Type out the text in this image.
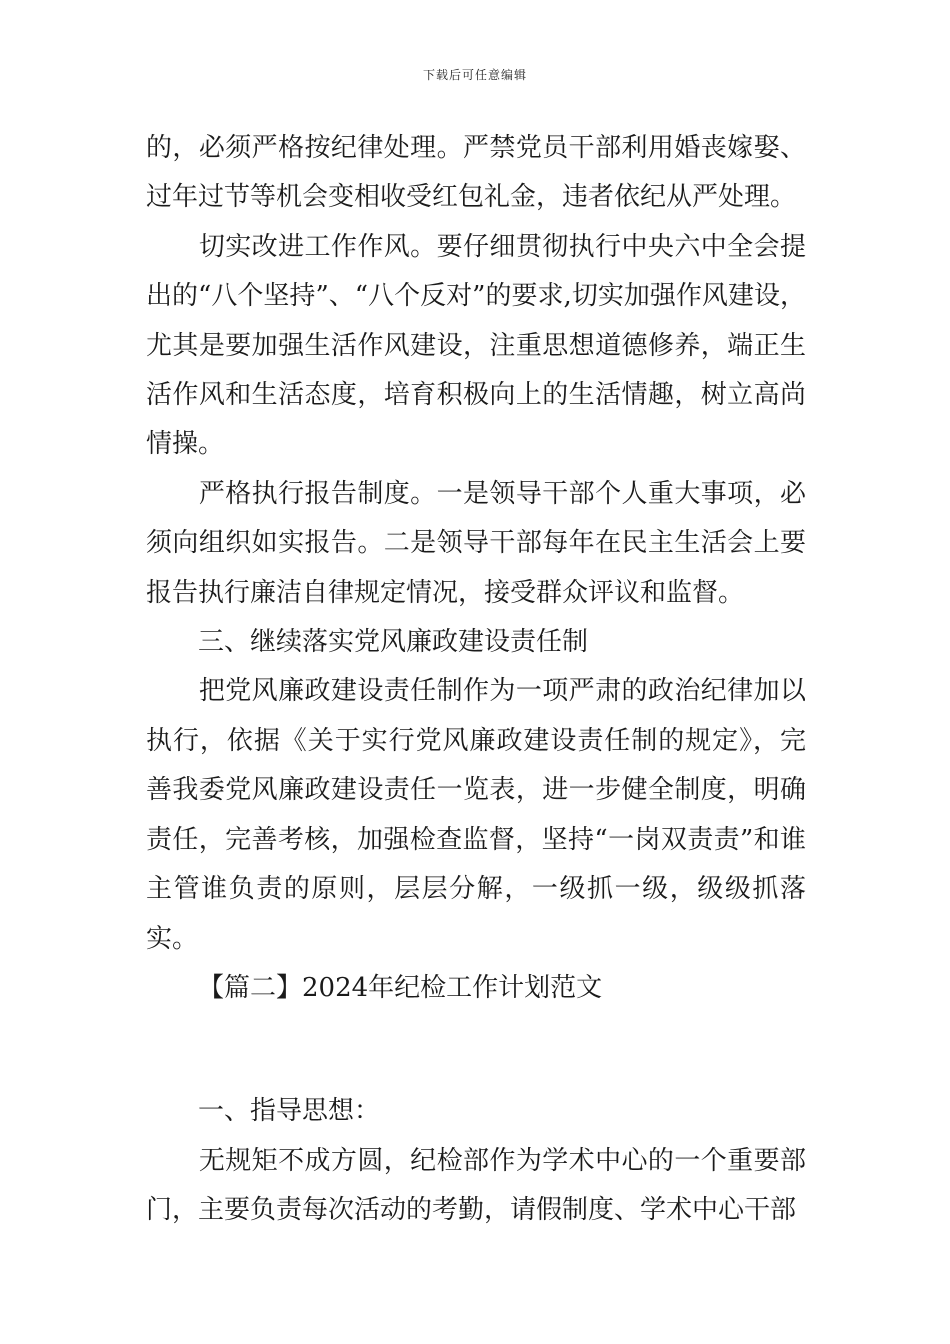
下载后可任意编辑

的，必须严格按纪律处理。严禁党员干部利用婚丧嫁娶、过年过节等机会变相收受红包礼金，违者依纪从严处理。

　　切实改进工作作风。要仔细贯彻执行中央六中全会提出的“八个坚持”、“八个反对”的要求,切实加强作风建设，尤其是要加强生活作风建设，注重思想道德修养，端正生活作风和生活态度，培育积极向上的生活情趣，树立高尚情操。

　　严格执行报告制度。一是领导干部个人重大事项，必须向组织如实报告。二是领导干部每年在民主生活会上要报告执行廉洁自律规定情况，接受群众评议和监督。

三、继续落实党风廉政建设责任制

　　把党风廉政建设责任制作为一项严肃的政治纪律加以执行，依据《关于实行党风廉政建设责任制的规定》，完善我委党风廉政建设责任一览表，进一步健全制度，明确责任，完善考核，加强检查监督，坚持“一岗双责责”和谁主管谁负责的原则，层层分解，一级抓一级，级级抓落实。

【篇二】2024年纪检工作计划范文

一、指导思想：

　　无规矩不成方圆，纪检部作为学术中心的一个重要部门，主要负责每次活动的考勤，请假制度、学术中心干部
